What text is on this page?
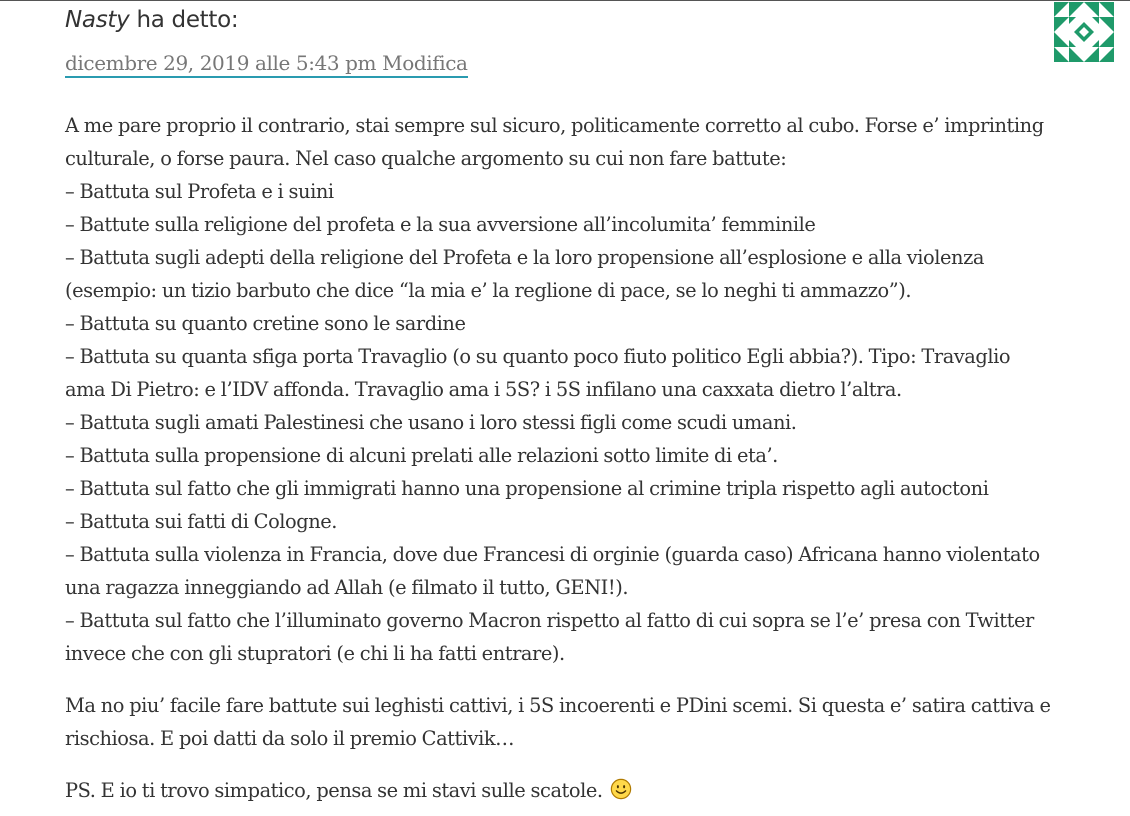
Nasty ha detto:
dicembre 29, 2019 alle 5:43 pm Modifica

A me pare proprio il contrario, stai sempre sul sicuro, politicamente corretto al cubo. Forse e’ imprinting
culturale, o forse paura. Nel caso qualche argomento su cui non fare battute:
– Battuta sul Profeta e i suini
– Battute sulla religione del profeta e la sua avversione all’incolumita’ femminile
– Battuta sugli adepti della religione del Profeta e la loro propensione all’esplosione e alla violenza
(esempio: un tizio barbuto che dice “la mia e’ la reglione di pace, se lo neghi ti ammazzo”).
– Battuta su quanto cretine sono le sardine
– Battuta su quanta sfiga porta Travaglio (o su quanto poco fiuto politico Egli abbia?). Tipo: Travaglio
ama Di Pietro: e l’IDV affonda. Travaglio ama i 5S? i 5S infilano una caxxata dietro l’altra.
– Battuta sugli amati Palestinesi che usano i loro stessi figli come scudi umani.
– Battuta sulla propensione di alcuni prelati alle relazioni sotto limite di eta’.
– Battuta sul fatto che gli immigrati hanno una propensione al crimine tripla rispetto agli autoctoni
– Battuta sui fatti di Cologne.
– Battuta sulla violenza in Francia, dove due Francesi di orginie (guarda caso) Africana hanno violentato
una ragazza inneggiando ad Allah (e filmato il tutto, GENI!).
– Battuta sul fatto che l’illuminato governo Macron rispetto al fatto di cui sopra se l’e’ presa con Twitter
invece che con gli stupratori (e chi li ha fatti entrare).

Ma no piu’ facile fare battute sui leghisti cattivi, i 5S incoerenti e PDini scemi. Si questa e’ satira cattiva e
rischiosa. E poi datti da solo il premio Cattivik…

PS. E io ti trovo simpatico, pensa se mi stavi sulle scatole.
